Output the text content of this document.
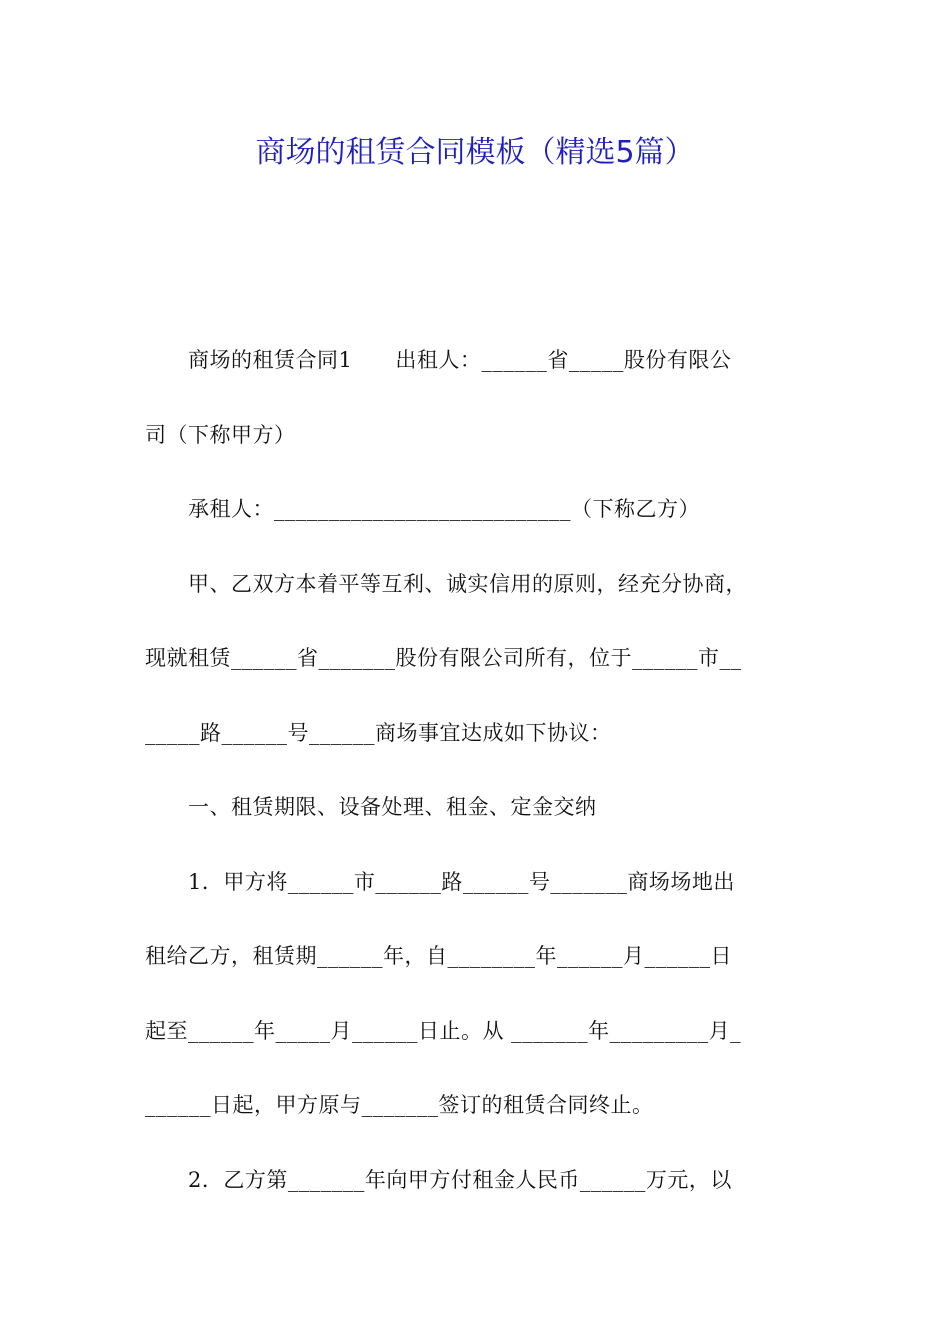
商场的租赁合同模板（精选5篇）
　　商场的租赁合同1　　出租人：______省_____股份有限公
司（下称甲方）
　　承租人：___________________________（下称乙方）
　　甲、乙双方本着平等互利、诚实信用的原则，经充分协商，
现就租赁______省_______股份有限公司所有，位于______市__
_____路______号______商场事宜达成如下协议：
　　一、租赁期限、设备处理、租金、定金交纳
　　1．甲方将______市______路______号_______商场场地出
租给乙方，租赁期______年，自________年______月______日
起至______年_____月______日止。从 _______年_________月_
______日起，甲方原与_______签订的租赁合同终止。
　　2．乙方第_______年向甲方付租金人民币______万元，以
